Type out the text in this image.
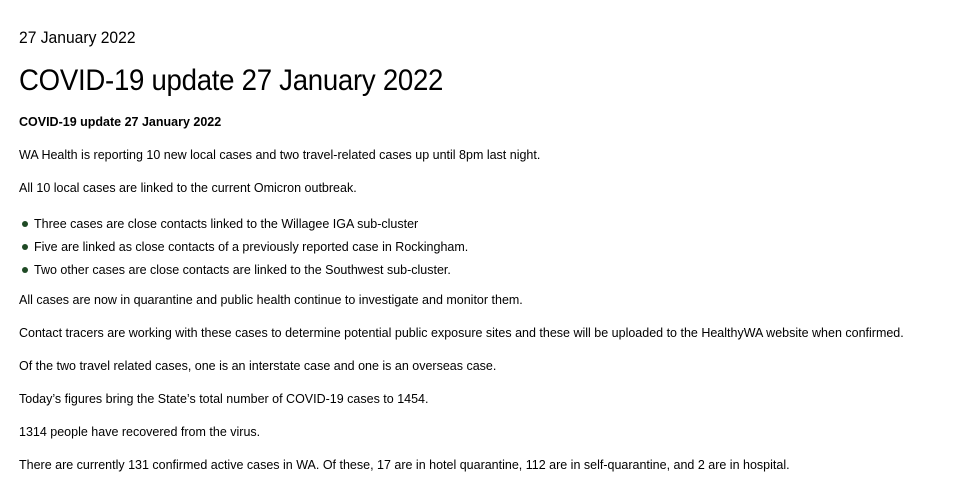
27 January 2022
COVID-19 update 27 January 2022
COVID-19 update 27 January 2022
WA Health is reporting 10 new local cases and two travel-related cases up until 8pm last night.
All 10 local cases are linked to the current Omicron outbreak.
Three cases are close contacts linked to the Willagee IGA sub-cluster
Five are linked as close contacts of a previously reported case in Rockingham.
Two other cases are close contacts are linked to the Southwest sub-cluster.
All cases are now in quarantine and public health continue to investigate and monitor them.
Contact tracers are working with these cases to determine potential public exposure sites and these will be uploaded to the HealthyWA website when confirmed.
Of the two travel related cases, one is an interstate case and one is an overseas case.
Today’s figures bring the State’s total number of COVID-19 cases to 1454.
1314 people have recovered from the virus.
There are currently 131 confirmed active cases in WA. Of these, 17 are in hotel quarantine, 112 are in self-quarantine, and 2 are in hospital.
